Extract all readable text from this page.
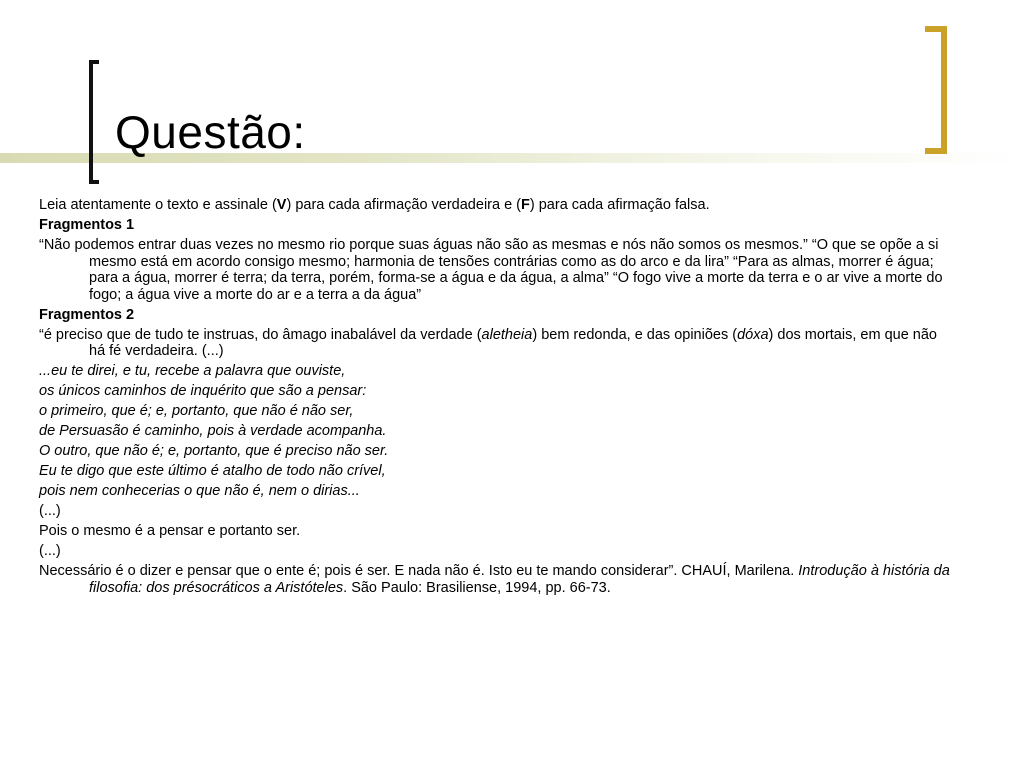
Questão:

Leia atentamente o texto e assinale (V) para cada afirmação verdadeira e (F) para cada afirmação falsa.

Fragmentos 1

“Não podemos entrar duas vezes no mesmo rio porque suas águas não são as mesmas e nós não somos os mesmos.” “O que se opõe a si mesmo está em acordo consigo mesmo; harmonia de tensões contrárias como as do arco e da lira” “Para as almas, morrer é água; para a água, morrer é terra; da terra, porém, forma-se a água e da água, a alma” “O fogo vive a morte da terra e o ar vive a morte do fogo; a água vive a morte do ar e a terra a da água”

Fragmentos 2

“é preciso que de tudo te instruas, do âmago inabalável da verdade (aletheia) bem redonda, e das opiniões (dóxa) dos mortais, em que não há fé verdadeira. (...)

...eu te direi, e tu, recebe a palavra que ouviste,

os únicos caminhos de inquérito que são a pensar:

o primeiro, que é; e, portanto, que não é não ser,

de Persuasão é caminho, pois à verdade acompanha.

O outro, que não é; e, portanto, que é preciso não ser.

Eu te digo que este último é atalho de todo não crível,

pois nem conhecerias o que não é, nem o dirias...

(...)

Pois o mesmo é a pensar e portanto ser.

(...)

Necessário é o dizer e pensar que o ente é; pois é ser. E nada não é. Isto eu te mando considerar”. CHAUÍ, Marilena. Introdução à história da filosofia: dos présocráticos a Aristóteles. São Paulo: Brasiliense, 1994, pp. 66-73.
